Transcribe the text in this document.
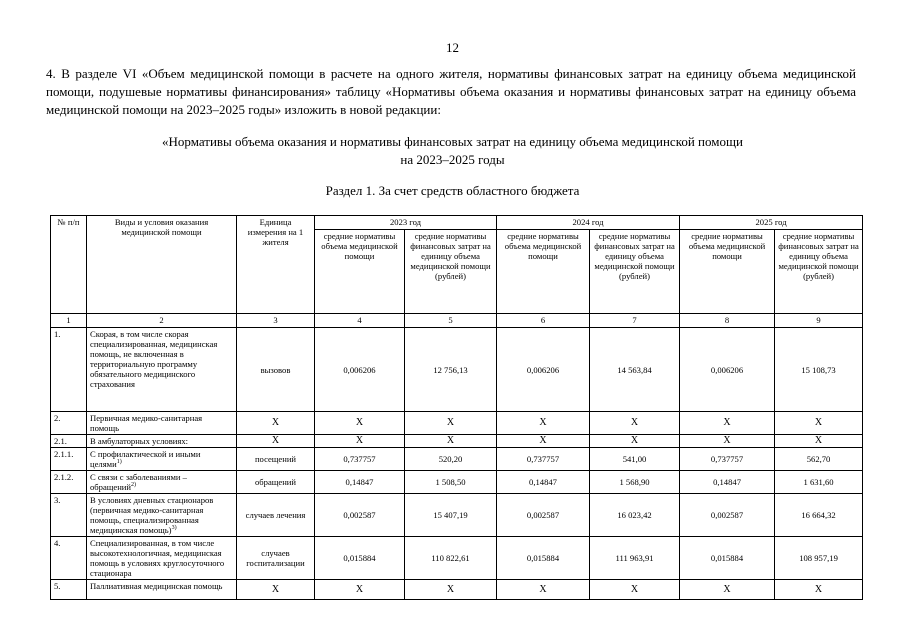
12
4. В разделе VI «Объем медицинской помощи в расчете на одного жителя, нормативы финансовых затрат на единицу объема медицинской помощи, подушевые нормативы финансирования» таблицу «Нормативы объема оказания и нормативы финансовых затрат на единицу объема медицинской помощи на 2023–2025 годы» изложить в новой редакции:
«Нормативы объема оказания и нормативы финансовых затрат на единицу объема медицинской помощи
на 2023–2025 годы
Раздел 1. За счет средств областного бюджета
№ п/п	Виды и условия оказания медицинской помощи	Единица измерения на 1 жителя	2023 год		2024 год		2025 год	
			средние нормативы объема медицинской помощи	средние нормативы финансовых затрат на единицу объема медицинской помощи (рублей)	средние нормативы объема медицинской помощи	средние нормативы финансовых затрат на единицу объема медицинской помощи (рублей)	средние нормативы объема медицинской помощи	средние нормативы финансовых затрат на единицу объема медицинской помощи (рублей)
1	2	3	4	5	6	7	8	9
1.	Скорая, в том числе скорая специализированная, медицинская помощь, не включенная в территориальную программу обязательного медицинского страхования	вызовов	0,006206	12 756,13	0,006206	14 563,84	0,006206	15 108,73
2.	Первичная медико-санитарная помощь	X	X	X	X	X	X	X
2.1.	В амбулаторных условиях:	X	X	X	X	X	X	X
2.1.1.	С профилактической и иными целями$^{1)}$	посещений	0,737757	520,20	0,737757	541,00	0,737757	562,70
2.1.2.	С связи с заболеваниями – обращений$^{2)}$	обращений	0,14847	1 508,50	0,14847	1 568,90	0,14847	1 631,60
3.	В условиях дневных стационаров (первичная медико-санитарная помощь, специализированная медицинская помощь)$^{3)}$	случаев лечения	0,002587	15 407,19	0,002587	16 023,42	0,002587	16 664,32
4.	Специализированная, в том числе высокотехнологичная, медицинская помощь в условиях круглосуточного стационара	случаев госпитализации	0,015884	110 822,61	0,015884	111 963,91	0,015884	108 957,19
5.	Паллиативная медицинская помощь	X	X	X	X	X	X	X
